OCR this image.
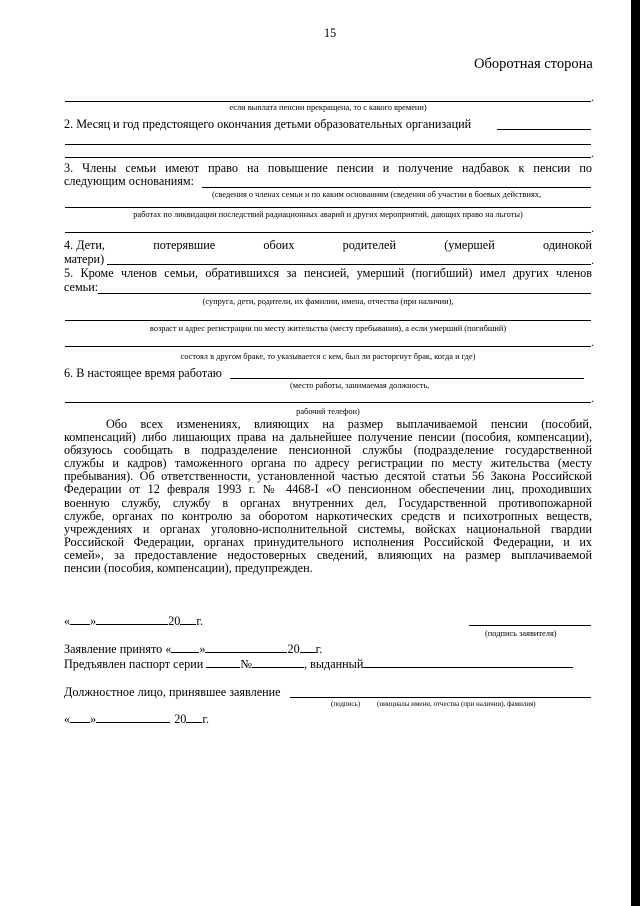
15
Оборотная сторона
.
если выплата пенсии прекращена, то с какого времени)
2. Месяц и год предстоящего окончания детьми образовательных организаций
.
3. Члены семьи имеют право на повышение пенсии и получение надбавок к пенсии по
следующим основаниям:
(сведения о членах семьи и по каким основаниям (сведения об участии в боевых действиях,
работах по ликвидации последствий радиационных аварий и других мероприятий, дающих право на льготы)
.
4. Дети,	потерявшие	обоих	родителей	(умершей	одинокой
матери)	.
5. Кроме членов семьи, обратившихся за пенсией, умерший (погибший) имел других членов
семьи:
(супруга, дети, родители, их фамилии, имена, отчества (при наличии),
возраст и адрес регистрации по месту жительства (месту пребывания), а если умерший (погибший)
.
состоял в другом браке, то указывается с кем, был ли расторгнут брак, когда и где)
6. В настоящее время работаю
(место работы, занимаемая должность,
.
рабочий телефон)
Обо всех изменениях, влияющих на размер выплачиваемой пенсии (пособий,
компенсаций) либо лишающих права на дальнейшее получение пенсии (пособия, компенсации),
обязуюсь сообщать в подразделение пенсионной службы (подразделение государственной
службы и кадров) таможенного органа по адресу регистрации по месту жительства (месту
пребывания). Об ответственности, установленной частью десятой статьи 56 Закона Российской
Федерации от 12 февраля 1993 г. № 4468-I «О пенсионном обеспечении лиц, проходивших
военную службу, службу в органах внутренних дел, Государственной противопожарной
службе, органах по контролю за оборотом наркотических средств и психотропных веществ,
учреждениях и органах уголовно-исполнительной системы, войсках национальной гвардии
Российской Федерации, органах принудительного исполнения Российской Федерации, и их
семей», за предоставление недостоверных сведений, влияющих на размер выплачиваемой
пенсии (пособия, компенсации), предупрежден.
« »	20 г.
(подпись заявителя)
Заявление принято « »	20 г.
Предъявлен паспорт серии	№	, выданный
Должностное лицо, принявшее заявление
(подпись) (инициалы имени, отчества (при наличии), фамилия)
« »	20 г.
